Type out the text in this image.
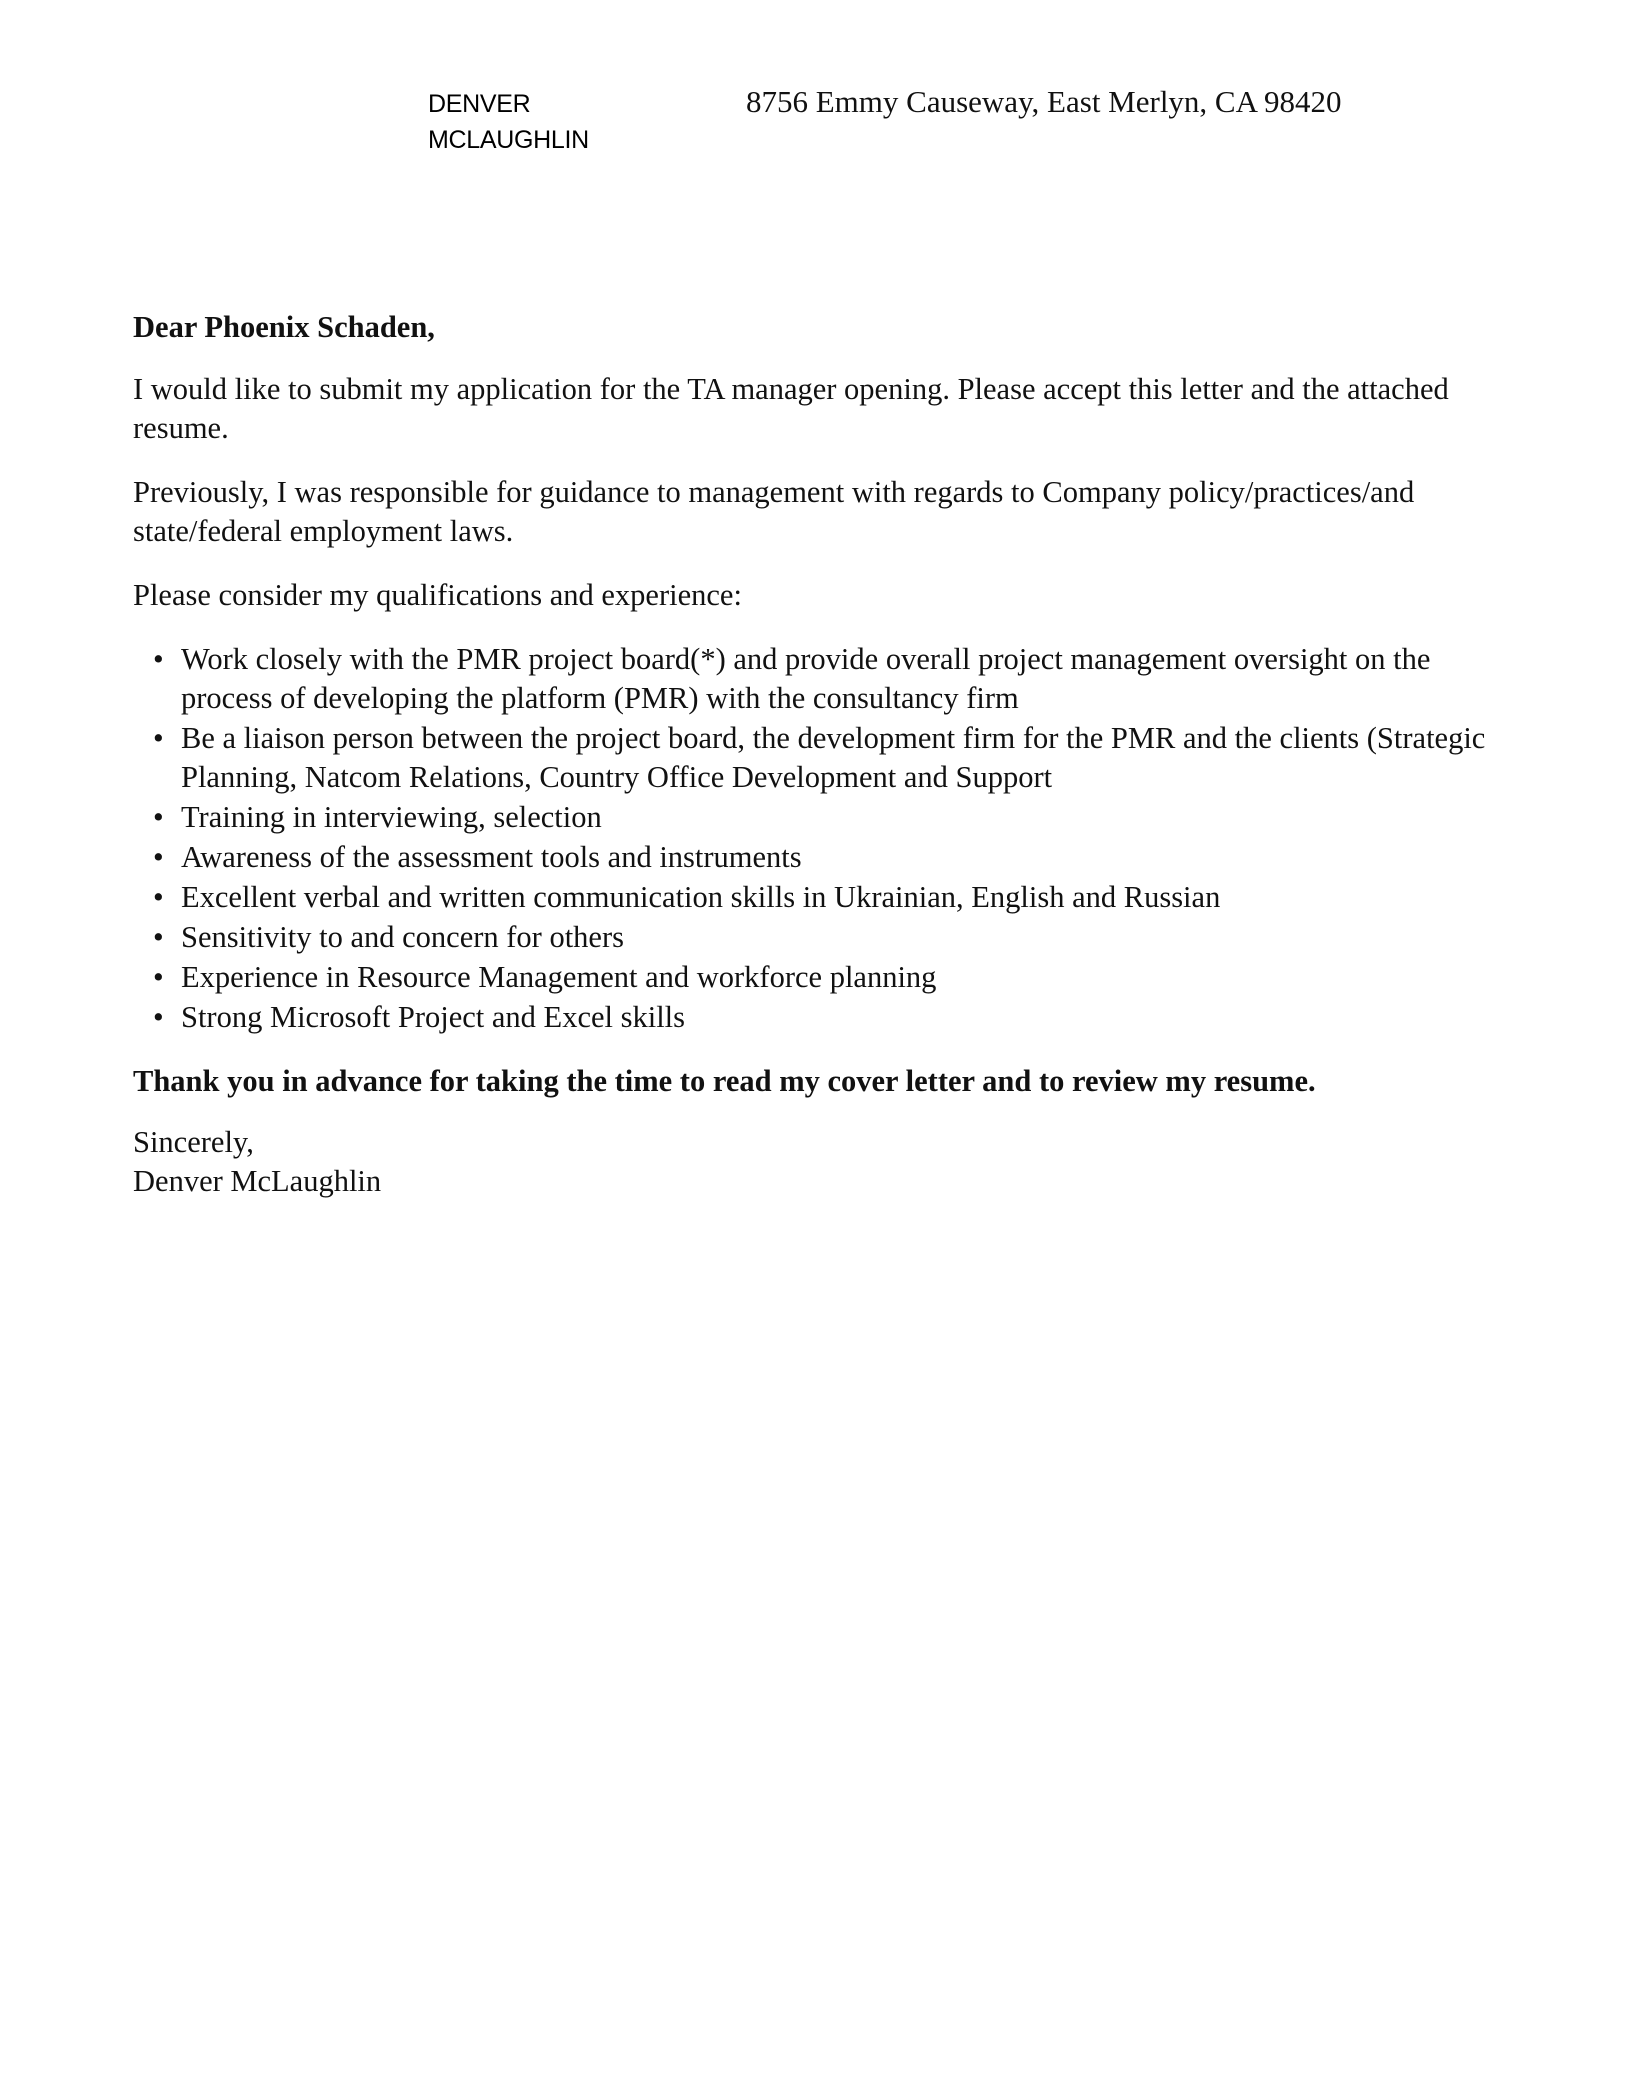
DENVER
MCLAUGHLIN
8756 Emmy Causeway, East Merlyn, CA 98420

Dear Phoenix Schaden,

I would like to submit my application for the TA manager opening. Please accept this letter and the attached resume.

Previously, I was responsible for guidance to management with regards to Company policy/practices/and state/federal employment laws.

Please consider my qualifications and experience:

• Work closely with the PMR project board(*) and provide overall project management oversight on the process of developing the platform (PMR) with the consultancy firm
• Be a liaison person between the project board, the development firm for the PMR and the clients (Strategic Planning, Natcom Relations, Country Office Development and Support
• Training in interviewing, selection
• Awareness of the assessment tools and instruments
• Excellent verbal and written communication skills in Ukrainian, English and Russian
• Sensitivity to and concern for others
• Experience in Resource Management and workforce planning
• Strong Microsoft Project and Excel skills

Thank you in advance for taking the time to read my cover letter and to review my resume.

Sincerely,
Denver McLaughlin
